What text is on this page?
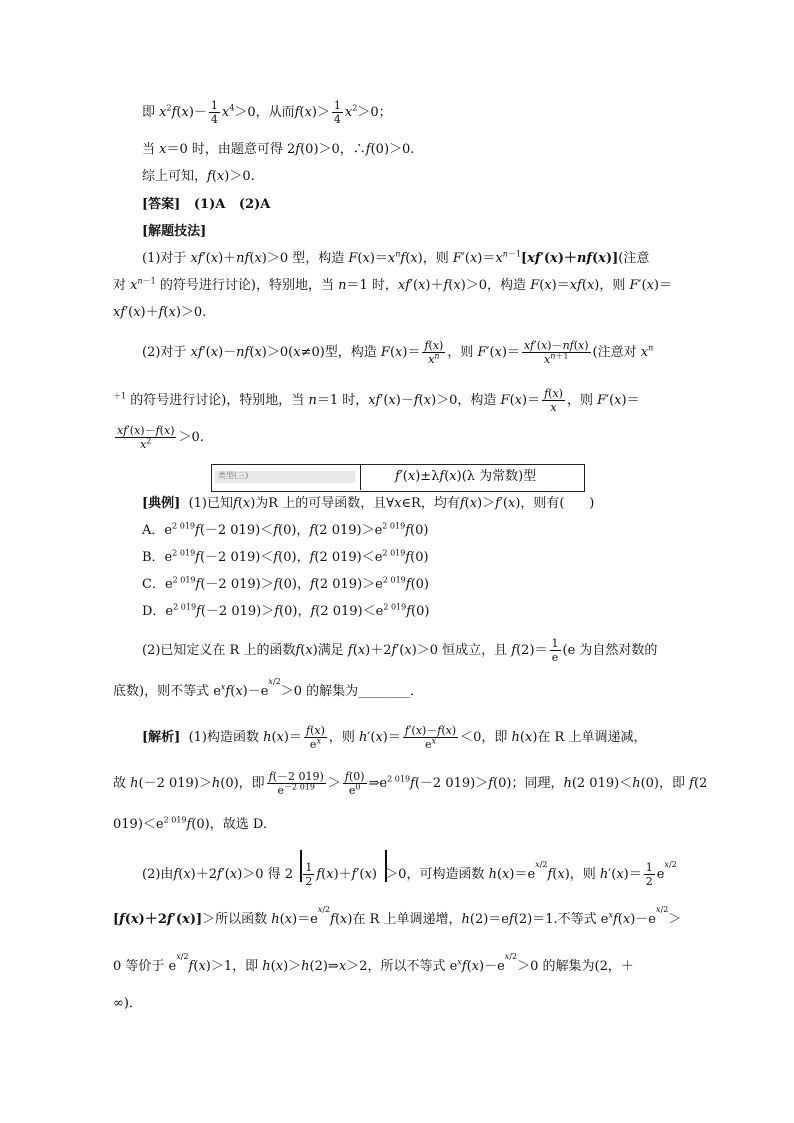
即 $x^2f(x)- \frac{1}{4} x^4>0$，从而$f(x)> \frac{1}{4} x^2>0$；
当 x＝0 时，由题意可得 2f(0)＞0，∴f(0)＞0.
综上可知，f(x)＞0.
[答案]   (1)A   (2)A
[解题技法]
(1)对于 xf′(x)＋nf(x)＞0 型，构造 $F(x)=x^nf(x)$，则 $F'(x)=x^{n-1}[xf'(x)+nf(x)]$(注意
对 $x^{n-1}$ 的符号进行讨论)，特别地，当 n＝1 时，xf′(x)＋f(x)＞0，构造 F(x)＝xf(x)，则 F′(x)＝
xf′(x)＋f(x)＞0.
(2)对于 xf′(x)－nf(x)＞0(x≠0)型，构造 $F(x)= \frac{f(x)}{x^n}$ ，则 $F'(x)= \frac{xf'(x)-nf(x)}{x^{n+1}}$ (注意对 $x^n$
$^{+1}$ 的符号进行讨论)，特别地，当 n＝1 时，xf′(x)－f(x)＞0，构造 $F(x)= \frac{f(x)}{x}$ ，则 F′(x)＝
$\frac{xf'(x)-f(x)}{x^2} >0$.
类型(三)	f′(x)±λf(x)(λ 为常数)型
[典例]  (1)已知f(x)为R 上的可导函数，且∀x∈R，均有f(x)＞f′(x)，则有(      )
A．$e^{2 019}f(-2$ 019)＜f(0)，f(2 $019)>e^{2 019}f(0)$
B．$e^{2 019}f(-2$ 019)＜f(0)，f(2 $019)<e^{2 019}f(0)$
C．$e^{2 019}f(-2$ 019)＞f(0)，f(2 $019)>e^{2 019}f(0)$
D．$e^{2 019}f(-2$ 019)＞f(0)，f(2 $019)<e^{2 019}f(0)$
(2)已知定义在 R 上的函数f(x)满足 f(x)＋2f′(x)＞0 恒成立，且 $f(2)= \frac{1}{e} (e$ 为自然对数的
底数)，则不等式 $e^xf(x)-e^{x/2}>0$ 的解集为________．
[解析]  (1)构造函数 $h(x)= \frac{f(x)}{e^x}$ ，则 $h'(x)= \frac{f'(x)-f(x)}{e^x} <0$，即 h(x)在 R 上单调递减，
故 h(－2 019)＞h(0)，即 $\frac{f(-2 019)}{e^{-2 019}} > \frac{f(0)}{e^0}$ $\Rightarrow e^{2 019}f(-2$ 019)＞f(0)；同理，h(2 019)＜h(0)，即 f(2
$019)<e^{2 019}f(0)$，故选 D.
(2)由f(x)＋2f′(x)＞0 得 $2 \frac{1}{2} f(x)+f'(x) >0$，可构造函数 $h(x)=e^{x/2}f(x)$，则 $h'(x)= \frac{1}{2} e^{x/2}$
[f(x)＋2f′(x)]＞所以函数 $h(x)=e^{x/2}f(x)$在 R 上单调递增，h(2)＝ef(2)＝1.不等式 $e^xf(x)-e^{x/2}>$
0 等价于 $e^{x/2}f(x)>1$，即 h(x)＞h(2)⇒x＞2，所以不等式 $e^xf(x)-e^{x/2}>0$ 的解集为(2，＋
∞)．
